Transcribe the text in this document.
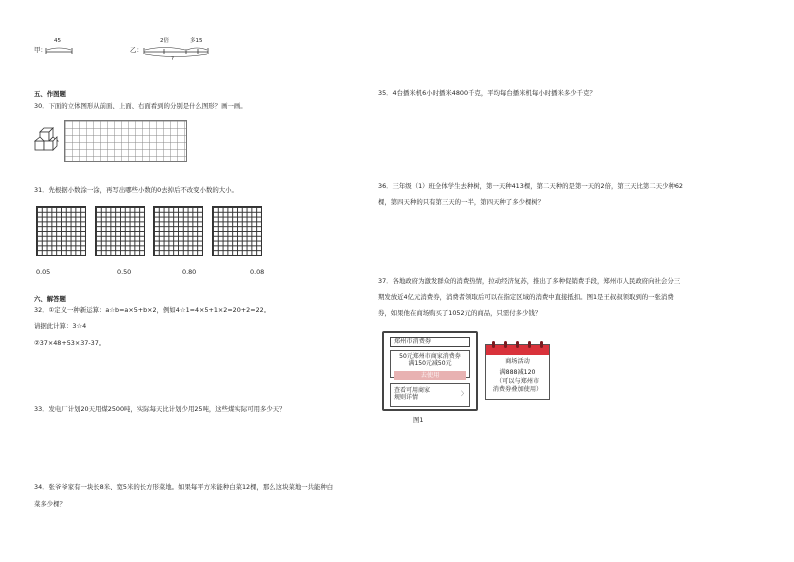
甲：
45
乙：
2倍	多15
?
五、作图题
30．下面的立体图形从前面、上面、右面看到的分别是什么图形？画一画。
31．先根据小数涂一涂，再写出哪些小数的0去掉后不改变小数的大小。
0.05	0.50	0.80	0.08
六、解答题
32．①定义一种新运算：a☆b=a×5+b×2，例如4☆1=4×5+1×2=20+2=22。
请据此计算：3☆4
②37×48+53×37-37。
33．发电厂计划20天用煤2500吨，实际每天比计划少用25吨，这些煤实际可用多少天？
34．张爷爷家有一块长8米、宽5米的长方形菜地。如果每平方米能种白菜12棵，那么这块菜地一共能种白
菜多少棵？
35．4台播米机6小时播米4800千克，平均每台播米机每小时播米多少千克？
36．三年级（1）班全体学生去种树，第一天种413棵，第二天种的是第一天的2倍，第三天比第二天少种62
棵，第四天种的只有第三天的一半，第四天种了多少棵树？
37．各地政府为激发群众的消费热情，拉动经济复苏，推出了多种促销费手段，郑州市人民政府向社会分三
期发放近4亿元消费券，消费者领取后可以在指定区域的消费中直接抵扣。图1是王叔叔领取到的一张消费
券，如果他在商场购买了1052元的商品，只需付多少钱？
郑州市消费券
50元郑州市商家消费券
满150元减50元
去使用
查看可用商家
规则详情	〉
图1
商场活动
满888减120
（可以与郑州市
消费券叠加使用）
